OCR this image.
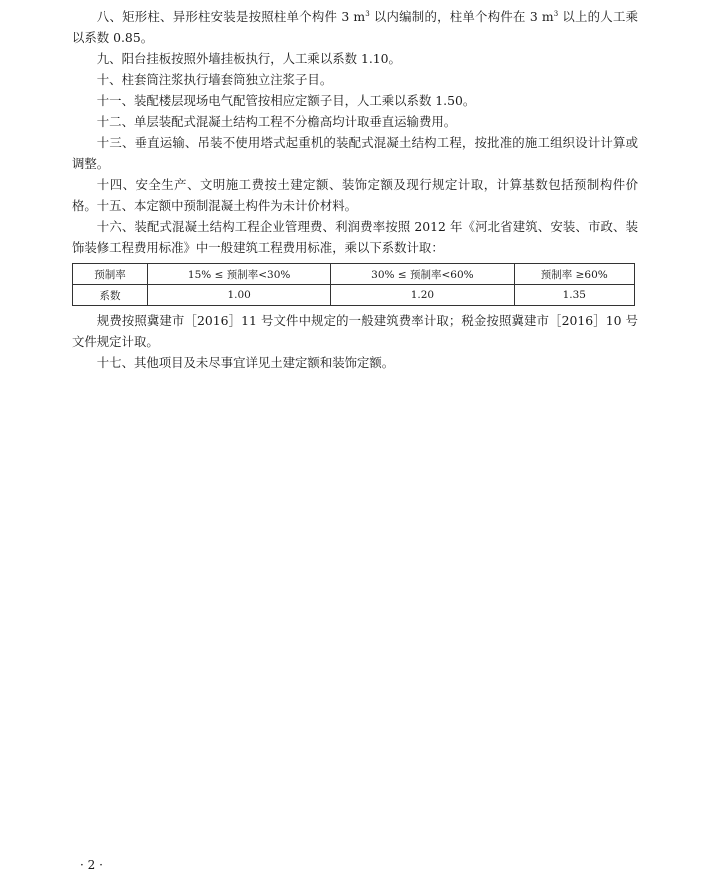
八、矩形柱、异形柱安装是按照柱单个构件 3 $m^3$ 以内编制的，柱单个构件在 3 $m^3$ 以上的人工乘以系数 0.85。

九、阳台挂板按照外墙挂板执行，人工乘以系数 1.10。

十、柱套筒注浆执行墙套筒独立注浆子目。

十一、装配楼层现场电气配管按相应定额子目，人工乘以系数 1.50。

十二、单层装配式混凝土结构工程不分檐高均计取垂直运输费用。

十三、垂直运输、吊装不使用塔式起重机的装配式混凝土结构工程，按批准的施工组织设计计算或调整。

十四、安全生产、文明施工费按土建定额、装饰定额及现行规定计取，计算基数包括预制构件价格。 十五、本定额中预制混凝土构件为未计价材料。

十六、装配式混凝土结构工程企业管理费、利润费率按照 2012 年《河北省建筑、安装、市政、装饰装修工程费用标准》中一般建筑工程费用标准，乘以下系数计取：

预制率	15% ≤ 预制率<30%	30% ≤ 预制率<60%	预制率 ≥60%
系数	1.00	1.20	1.35

规费按照冀建市［2016］11 号文件中规定的一般建筑费率计取；税金按照冀建市［2016］10 号文件规定计取。

十七、其他项目及未尽事宜详见土建定额和装饰定额。

· 2 ·
